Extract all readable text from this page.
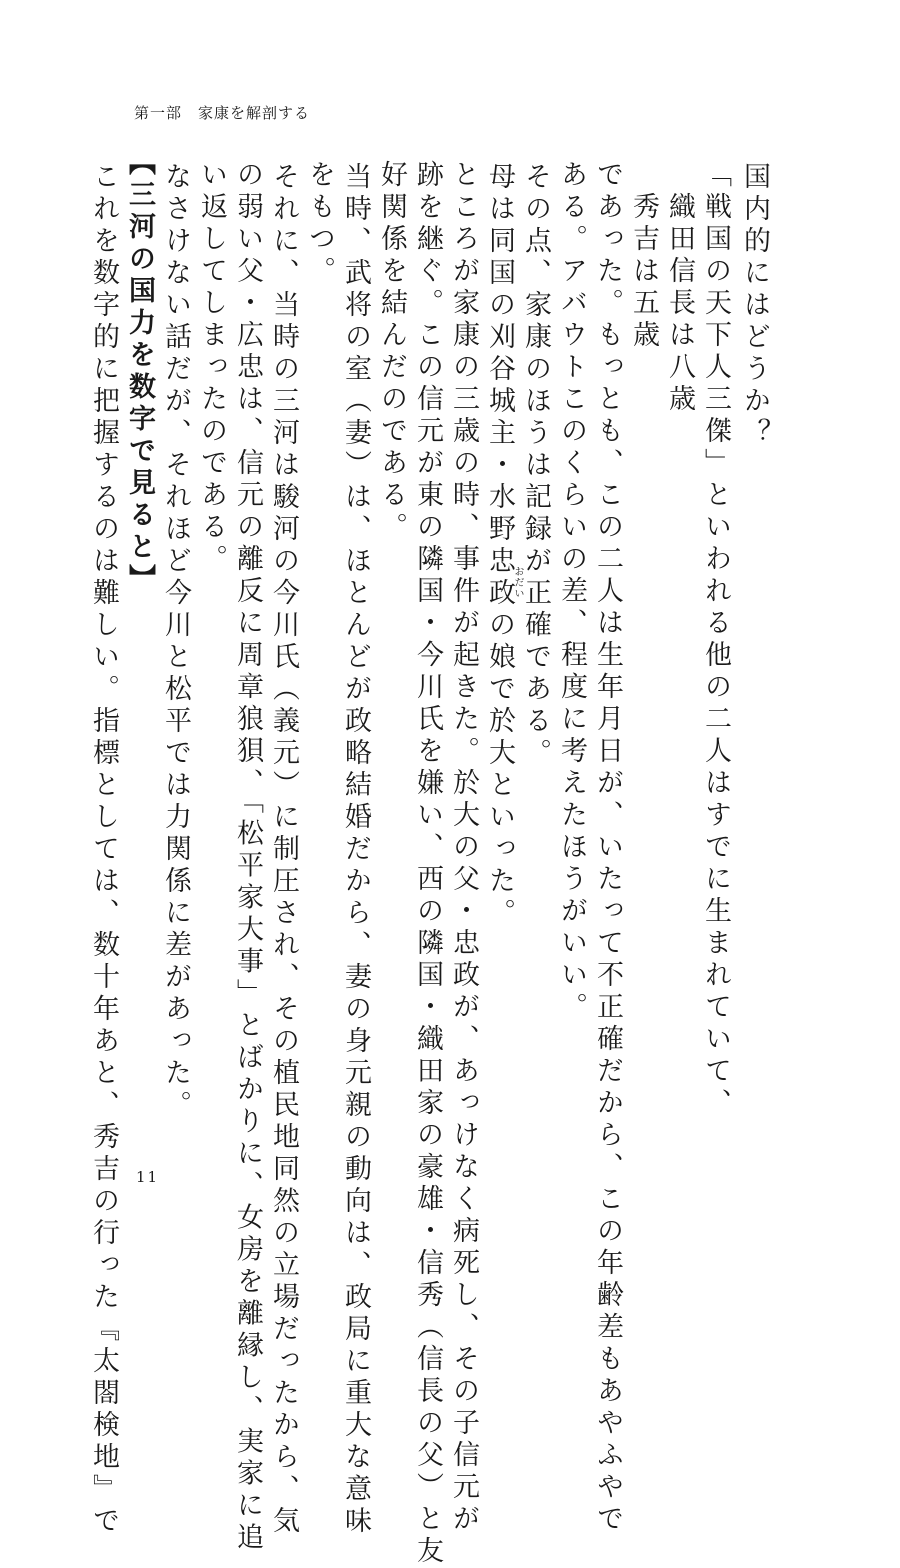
第一部　家康を解剖する
国内的にはどうか？
「戦国の天下人三傑」といわれる他の二人はすでに生まれていて、
　織田信長は八歳
　秀吉は五歳
であった。もっとも、この二人は生年月日が、いたって不正確だから、この年齢差もあやふやで
ある。アバウトこのくらいの差、程度に考えたほうがいい。
その点、家康のほうは記録が正確である。
母は同国の刈谷城主・水野忠政の娘で於大といった。
おだい
ところが家康の三歳の時、事件が起きた。於大の父・忠政が、あっけなく病死し、その子信元が
跡を継ぐ。この信元が東の隣国・今川氏を嫌い、西の隣国・織田家の豪雄・信秀（信長の父）と友
好関係を結んだのである。
当時、武将の室（妻）は、ほとんどが政略結婚だから、妻の身元親の動向は、政局に重大な意味
をもつ。
それに、当時の三河は駿河の今川氏（義元）に制圧され、その植民地同然の立場だったから、気
の弱い父・広忠は、信元の離反に周章狼狽、「松平家大事」とばかりに、女房を離縁し、実家に追
い返してしまったのである。
なさけない話だが、それほど今川と松平では力関係に差があった。
【三河の国力を数字で見ると】
これを数字的に把握するのは難しい。指標としては、数十年あと、秀吉の行った『太閤検地』で 11
